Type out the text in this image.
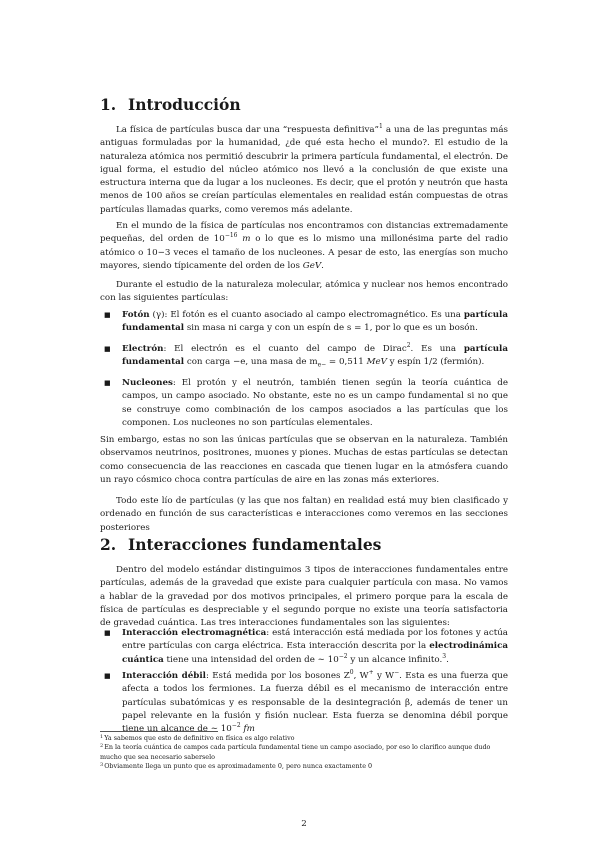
1. Introducción

La física de partículas busca dar una “respuesta definitiva”$^1$ a una de las preguntas más antiguas formuladas por la humanidad, ¿de qué esta hecho el mundo?. El estudio de la naturaleza atómica nos permitió descubrir la primera partícula fundamental, el electrón. De igual forma, el estudio del núcleo atómico nos llevó a la conclusión de que existe una estructura interna que da lugar a los nucleones. Es decir, que el protón y neutrón que hasta menos de 100 años se creían partículas elementales en realidad están compuestas de otras partículas llamadas quarks, como veremos más adelante.

En el mundo de la física de partículas nos encontramos con distancias extremadamente pequeñas, del orden de $10^{-16}$ m o lo que es lo mismo una millonésima parte del radio atómico o 10−3 veces el tamaño de los nucleones. A pesar de esto, las energías son mucho mayores, siendo típicamente del orden de los GeV.

Durante el estudio de la naturaleza molecular, atómica y nuclear nos hemos encontrado con las siguientes partículas:

■	Fotón (γ): El fotón es el cuanto asociado al campo electromagnético. Es una partícula fundamental sin masa ni carga y con un espín de s = 1, por lo que es un bosón.
■	Electrón: El electrón es el cuanto del campo de Dirac$^2$. Es una partícula fundamental con carga −e, una masa de $m_{e-} = 0,511$ MeV y espín 1/2 (fermión).
■	Nucleones: El protón y el neutrón, también tienen según la teoría cuántica de campos, un campo asociado. No obstante, este no es un campo fundamental si no que se construye como combinación de los campos asociados a las partículas que los componen. Los nucleones no son partículas elementales.

Sin embargo, estas no son las únicas partículas que se observan en la naturaleza. También observamos neutrinos, positrones, muones y piones. Muchas de estas partículas se detectan como consecuencia de las reacciones en cascada que tienen lugar en la atmósfera cuando un rayo cósmico choca contra partículas de aire en las zonas más exteriores.

Todo este lío de partículas (y las que nos faltan) en realidad está muy bien clasificado y ordenado en función de sus características e interacciones como veremos en las secciones posteriores

2. Interacciones fundamentales

Dentro del modelo estándar distinguimos 3 tipos de interacciones fundamentales entre partículas, además de la gravedad que existe para cualquier partícula con masa. No vamos a hablar de la gravedad por dos motivos principales, el primero porque para la escala de física de partículas es despreciable y el segundo porque no existe una teoría satisfactoria de gravedad cuántica. Las tres interacciones fundamentales son las siguientes:

■	Interacción electromagnética: está interacción está mediada por los fotones y actúa entre partículas con carga eléctrica. Esta interacción descrita por la electrodinámica cuántica tiene una intensidad del orden de ∼ $10^{-2}$ y un alcance infinito.$^3$.
■	Interacción débil: Está medida por los bosones $Z^0$, W+ y W−. Esta es una fuerza que afecta a todos los fermiones. La fuerza débil es el mecanismo de interacción entre partículas subatómicas y es responsable de la desintegración β, además de tener un papel relevante en la fusión y fisión nuclear. Esta fuerza se denomina débil porque tiene un alcance de ∼ $10^{-2}$ fm
$^1$Ya sabemos que esto de definitivo en física es algo relativo
$^2$En la teoría cuántica de campos cada partícula fundamental tiene un campo asociado, por eso lo clarifico aunque dudo mucho que sea necesario saberselo
$^3$Obviamente llega un punto que es aproximadamente 0, pero nunca exactamente 0
2
